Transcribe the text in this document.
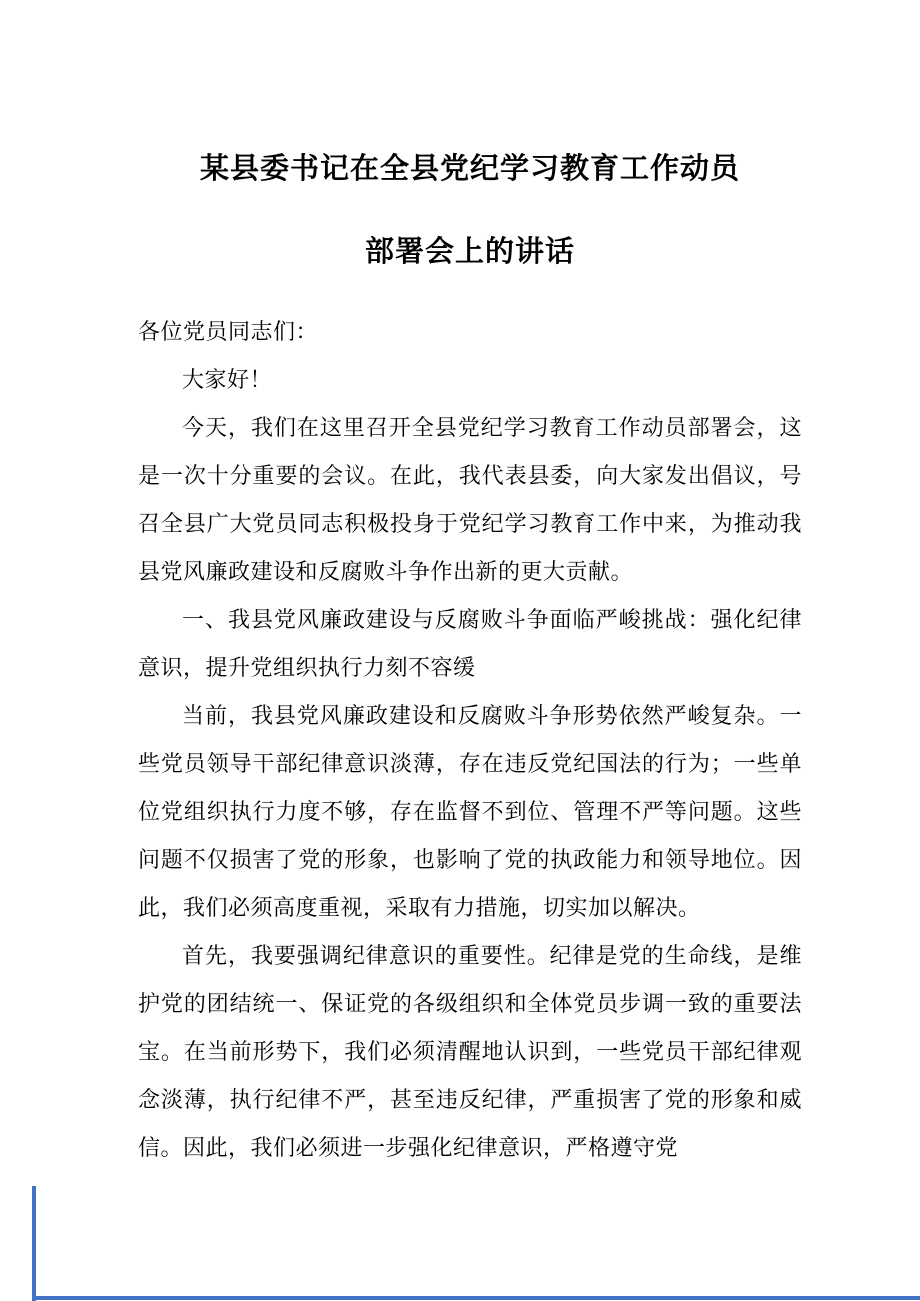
某县委书记在全县党纪学习教育工作动员
部署会上的讲话

各位党员同志们：

大家好！

今天，我们在这里召开全县党纪学习教育工作动员部署会，这是一次十分重要的会议。在此，我代表县委，向大家发出倡议，号召全县广大党员同志积极投身于党纪学习教育工作中来，为推动我县党风廉政建设和反腐败斗争作出新的更大贡献。

一、我县党风廉政建设与反腐败斗争面临严峻挑战：强化纪律意识，提升党组织执行力刻不容缓

当前，我县党风廉政建设和反腐败斗争形势依然严峻复杂。一些党员领导干部纪律意识淡薄，存在违反党纪国法的行为；一些单位党组织执行力度不够，存在监督不到位、管理不严等问题。这些问题不仅损害了党的形象，也影响了党的执政能力和领导地位。因此，我们必须高度重视，采取有力措施，切实加以解决。

首先，我要强调纪律意识的重要性。纪律是党的生命线，是维护党的团结统一、保证党的各级组织和全体党员步调一致的重要法宝。在当前形势下，我们必须清醒地认识到，一些党员干部纪律观念淡薄，执行纪律不严，甚至违反纪律，严重损害了党的形象和威信。因此，我们必须进一步强化纪律意识，严格遵守党
